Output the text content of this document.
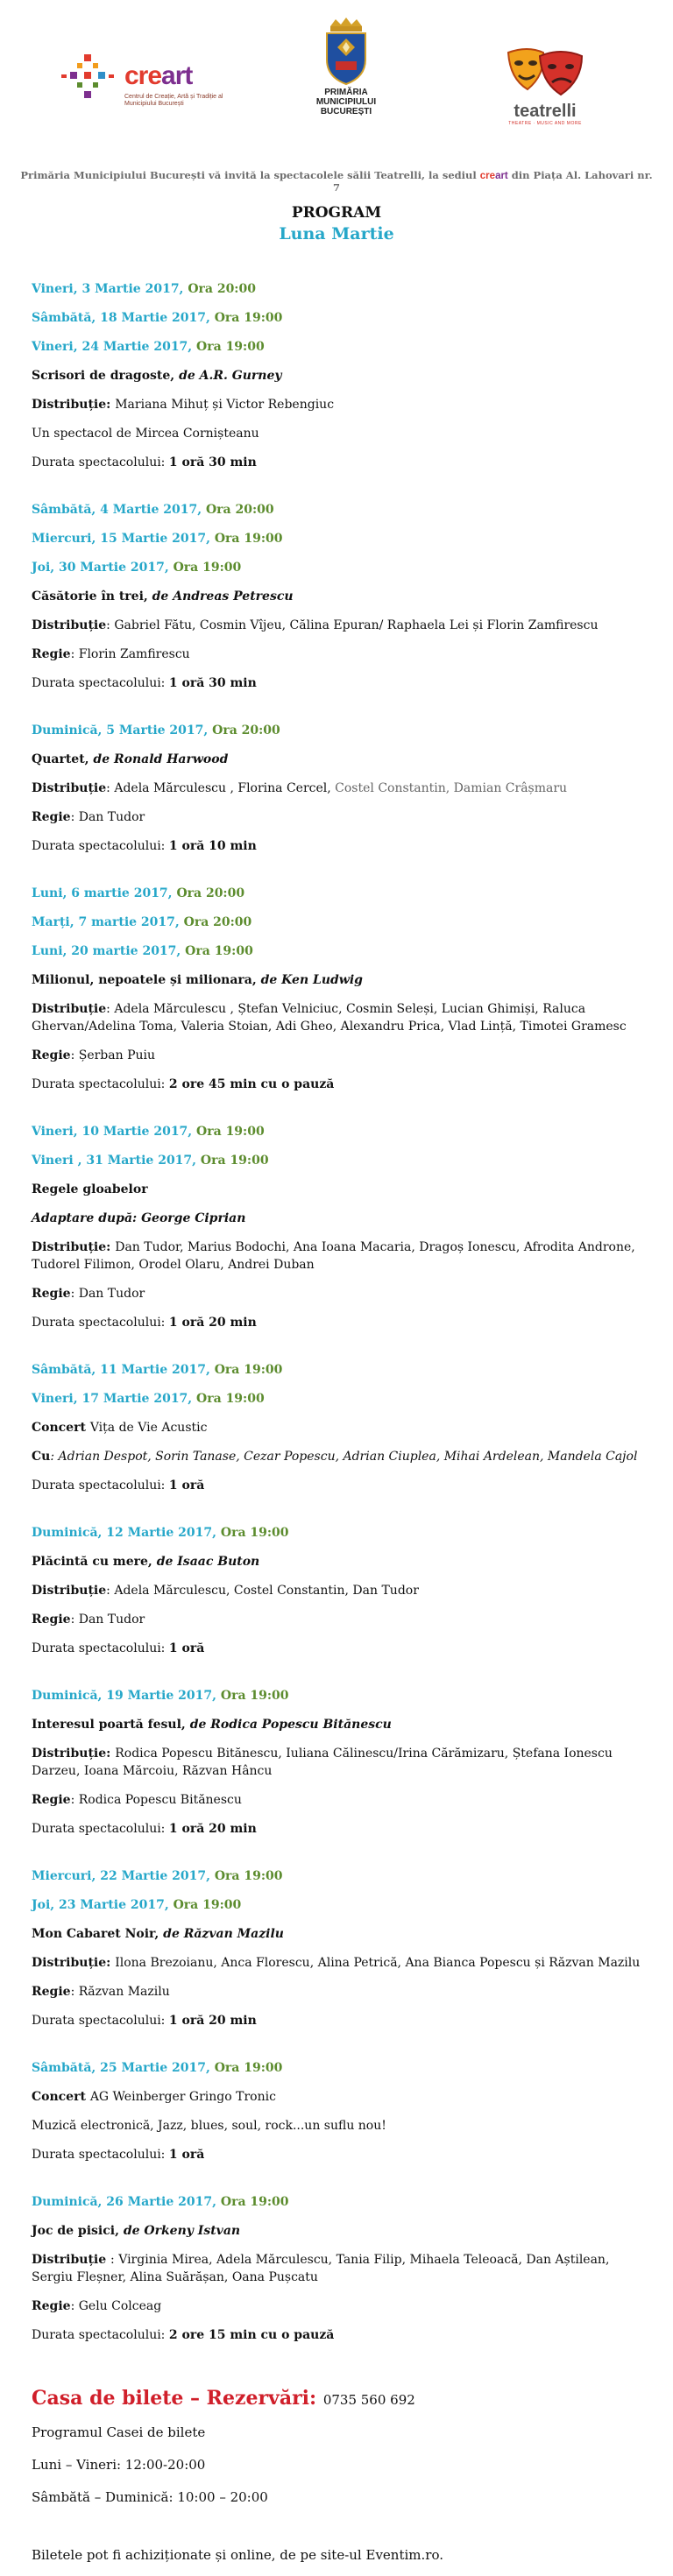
creart
Centrul de Creație, Artă și Tradiție al Municipiului București
PRIMĂRIA MUNICIPIULUI BUCUREȘTI	teatrelli
THEATRE · MUSIC AND MORE
Primăria Municipiului București vă invită la spectacolele sălii Teatrelli, la sediul creart din Piața Al. Lahovari nr. 7
PROGRAM
Luna Martie
Vineri, 3 Martie 2017, Ora 20:00
Sâmbătă, 18 Martie 2017, Ora 19:00
Vineri, 24 Martie 2017, Ora 19:00
Scrisori de dragoste, de A.R. Gurney
Distribuție: Mariana Mihuț și Victor Rebengiuc
Un spectacol de Mircea Cornișteanu
Durata spectacolului: 1 oră 30 min
Sâmbătă, 4 Martie 2017, Ora 20:00
Miercuri, 15 Martie 2017, Ora 19:00
Joi, 30 Martie 2017, Ora 19:00
Căsătorie în trei, de Andreas Petrescu
Distribuție: Gabriel Fătu, Cosmin Vîjeu, Călina Epuran/ Raphaela Lei și Florin Zamfirescu
Regie: Florin Zamfirescu
Durata spectacolului: 1 oră 30 min
Duminică, 5 Martie 2017, Ora 20:00
Quartet, de Ronald Harwood
Distribuție: Adela Mărculescu , Florina Cercel, Costel Constantin, Damian Crâșmaru
Regie: Dan Tudor
Durata spectacolului: 1 oră 10 min
Luni, 6 martie 2017, Ora 20:00
Marți, 7 martie 2017, Ora 20:00
Luni, 20 martie 2017, Ora 19:00
Milionul, nepoatele și milionara, de Ken Ludwig
Distribuție: Adela Mărculescu , Ștefan Velniciuc, Cosmin Seleși, Lucian Ghimiși, Raluca Ghervan/Adelina Toma, Valeria Stoian, Adi Gheo, Alexandru Prica, Vlad Lință, Timotei Gramesc
Regie: Șerban Puiu
Durata spectacolului: 2 ore 45 min cu o pauză
Vineri, 10 Martie 2017, Ora 19:00
Vineri , 31 Martie 2017, Ora 19:00
Regele gloabelor
Adaptare după: George Ciprian
Distribuție: Dan Tudor, Marius Bodochi, Ana Ioana Macaria, Dragoș Ionescu, Afrodita Androne, Tudorel Filimon, Orodel Olaru, Andrei Duban
Regie: Dan Tudor
Durata spectacolului: 1 oră 20 min
Sâmbătă, 11 Martie 2017, Ora 19:00
Vineri, 17 Martie 2017, Ora 19:00
Concert Vița de Vie Acustic
Cu: Adrian Despot, Sorin Tanase, Cezar Popescu, Adrian Ciuplea, Mihai Ardelean, Mandela Cajol
Durata spectacolului: 1 oră
Duminică, 12 Martie 2017, Ora 19:00
Plăcintă cu mere, de Isaac Buton
Distribuție: Adela Mărculescu, Costel Constantin, Dan Tudor
Regie: Dan Tudor
Durata spectacolului: 1 oră
Duminică, 19 Martie 2017, Ora 19:00
Interesul poartă fesul, de Rodica Popescu Bitănescu
Distribuție: Rodica Popescu Bitănescu, Iuliana Călinescu/Irina Cărămizaru, Ștefana Ionescu Darzeu, Ioana Mărcoiu, Răzvan Hâncu
Regie: Rodica Popescu Bitănescu
Durata spectacolului: 1 oră 20 min
Miercuri, 22 Martie 2017, Ora 19:00
Joi, 23 Martie 2017, Ora 19:00
Mon Cabaret Noir, de Răzvan Mazilu
Distribuție: Ilona Brezoianu, Anca Florescu, Alina Petrică, Ana Bianca Popescu și Răzvan Mazilu
Regie: Răzvan Mazilu
Durata spectacolului: 1 oră 20 min
Sâmbătă, 25 Martie 2017, Ora 19:00
Concert AG Weinberger Gringo Tronic
Muzică electronică, Jazz, blues, soul, rock...un suflu nou!
Durata spectacolului: 1 oră
Duminică, 26 Martie 2017, Ora 19:00
Joc de pisici, de Orkeny Istvan
Distribuție : Virginia Mirea, Adela Mărculescu, Tania Filip, Mihaela Teleoacă, Dan Aștilean, Sergiu Fleșner, Alina Suărășan, Oana Pușcatu
Regie: Gelu Colceag
Durata spectacolului: 2 ore 15 min cu o pauză
Casa de bilete – Rezervări: 0735 560 692
Programul Casei de bilete
Luni – Vineri: 12:00-20:00
Sâmbătă – Duminică: 10:00 – 20:00
Biletele pot fi achiziționate și online, de pe site-ul Eventim.ro.
